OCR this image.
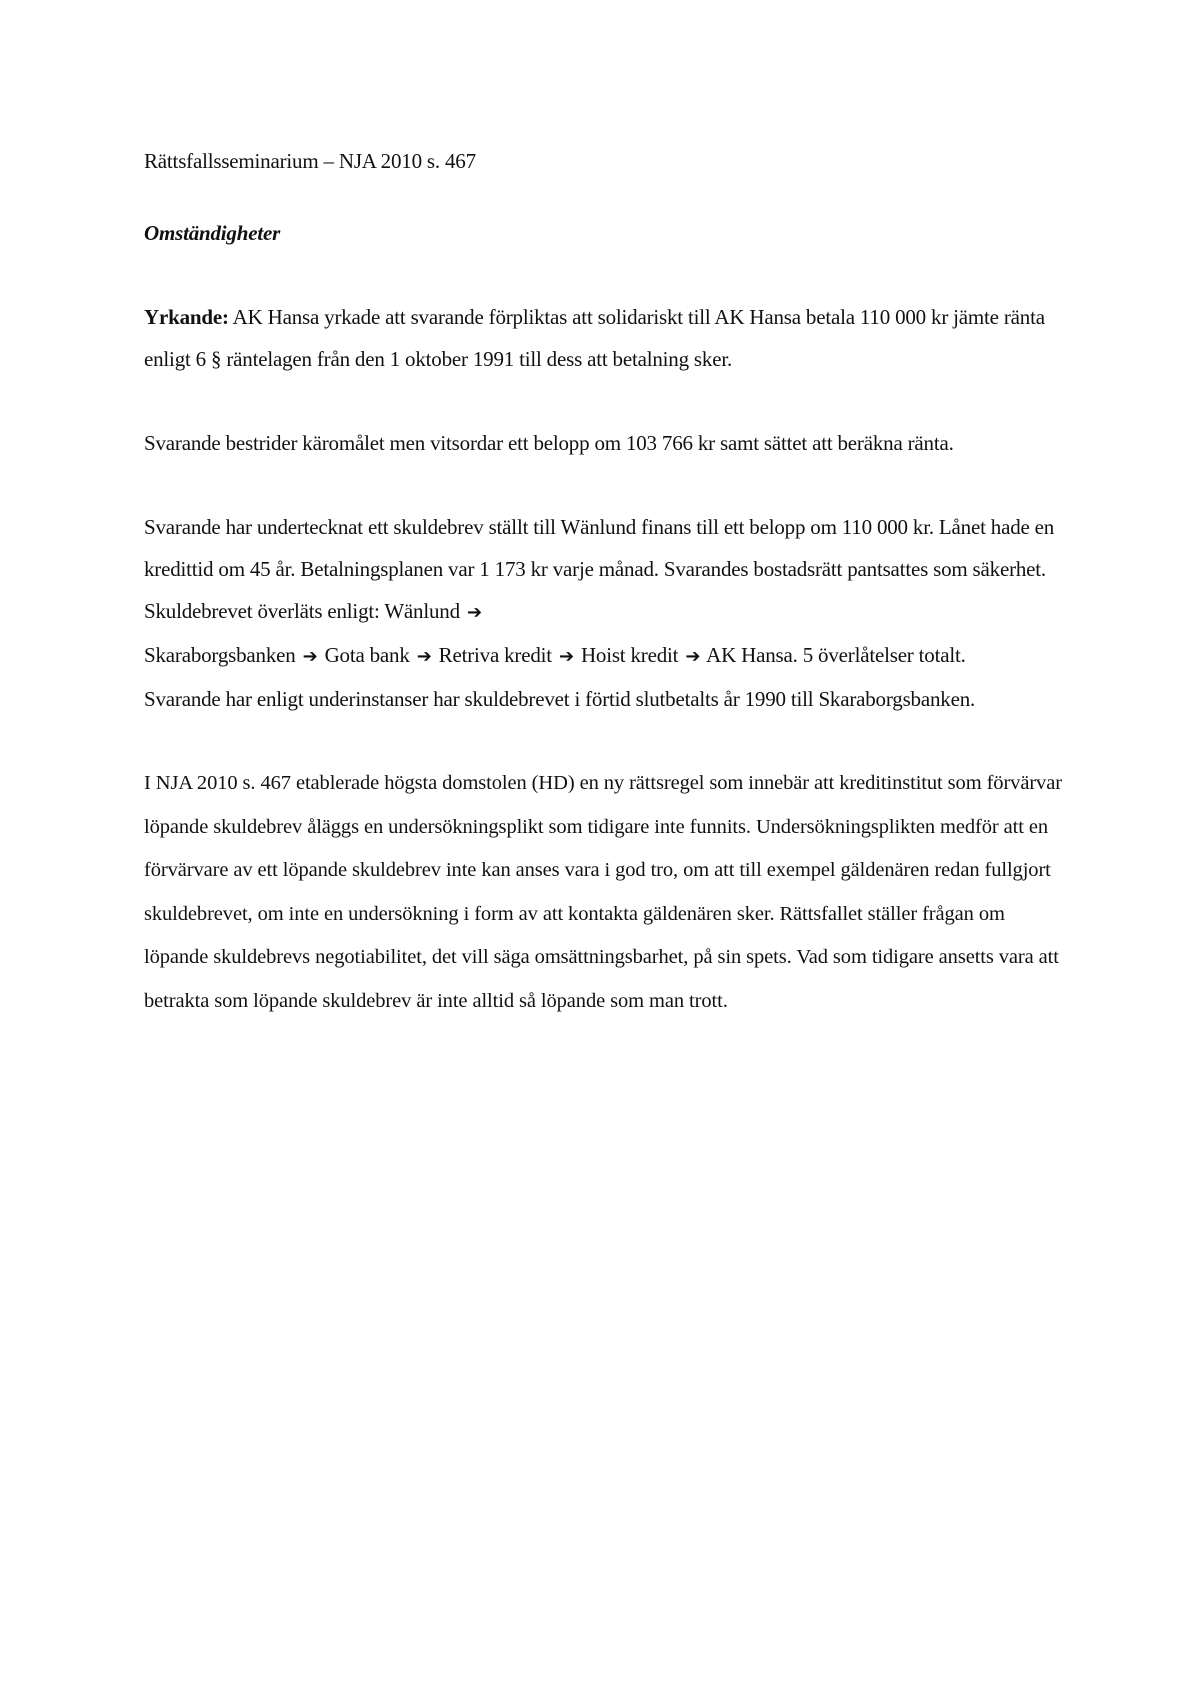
Rättsfallsseminarium – NJA 2010 s. 467

Omständigheter

Yrkande: AK Hansa yrkade att svarande förpliktas att solidariskt till AK Hansa betala 110 000 kr jämte ränta enligt 6 § räntelagen från den 1 oktober 1991 till dess att betalning sker.

Svarande bestrider käromålet men vitsordar ett belopp om 103 766 kr samt sättet att beräkna ränta.

Svarande har undertecknat ett skuldebrev ställt till Wänlund finans till ett belopp om 110 000 kr. Lånet hade en kredittid om 45 år. Betalningsplanen var 1 173 kr varje månad. Svarandes bostadsrätt pantsattes som säkerhet. Skuldebrevet överläts enligt: Wänlund ➔
Skaraborgsbanken ➔ Gota bank ➔ Retriva kredit ➔ Hoist kredit ➔ AK Hansa. 5 överlåtelser totalt.

Svarande har enligt underinstanser har skuldebrevet i förtid slutbetalts år 1990 till Skaraborgsbanken.

I NJA 2010 s. 467 etablerade högsta domstolen (HD) en ny rättsregel som innebär att kreditinstitut som förvärvar löpande skuldebrev åläggs en undersökningsplikt som tidigare inte funnits. Undersökningsplikten medför att en förvärvare av ett löpande skuldebrev inte kan anses vara i god tro, om att till exempel gäldenären redan fullgjort skuldebrevet, om inte en undersökning i form av att kontakta gäldenären sker. Rättsfallet ställer frågan om löpande skuldebrevs negotiabilitet, det vill säga omsättningsbarhet, på sin spets. Vad som tidigare ansetts vara att betrakta som löpande skuldebrev är inte alltid så löpande som man trott.
